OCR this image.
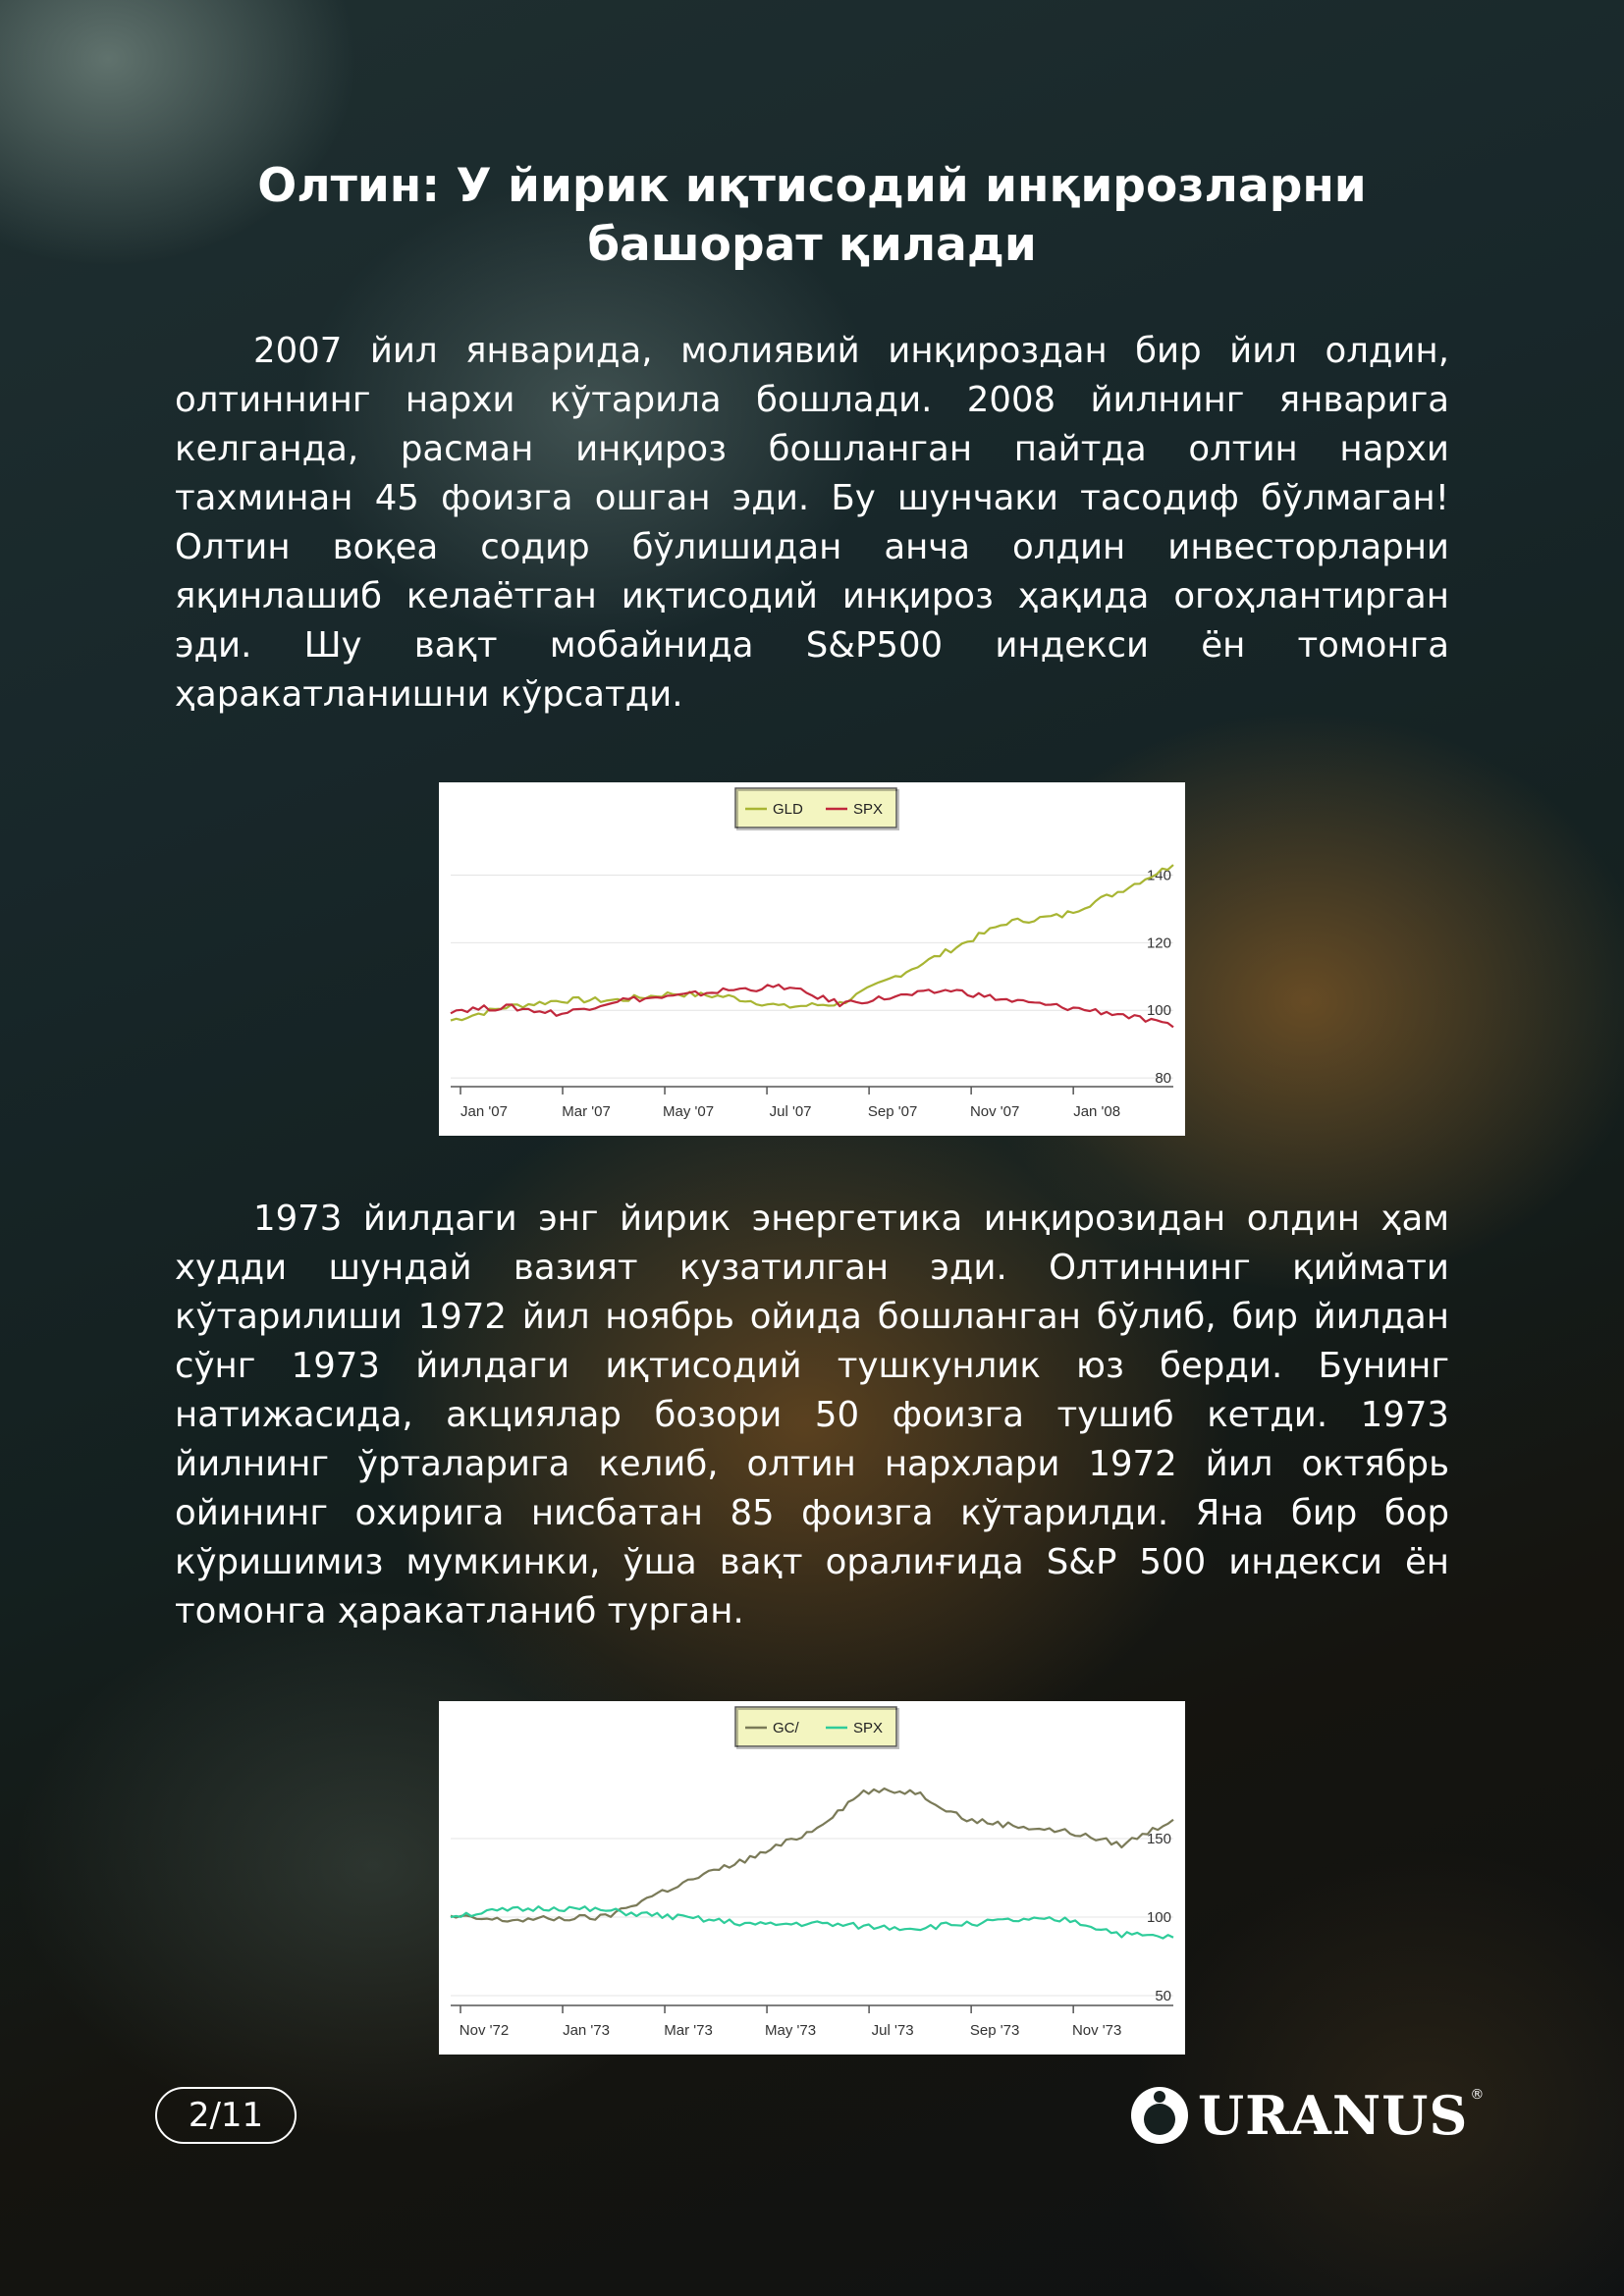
Олтин: У йирик иқтисодий инқирозларни башорат қилади

2007 йил январида, молиявий инқироздан бир йил олдин, олтиннинг нархи кўтарила бошлади. 2008 йилнинг январига келганда, расман инқироз бошланган пайтда олтин нархи тахминан 45 фоизга ошган эди. Бу шунчаки тасодиф бўлмаган! Олтин воқеа содир бўлишидан анча олдин инвесторларни яқинлашиб келаётган иқтисодий инқироз ҳақида огоҳлантирган эди. Шу вақт мобайнида S&P500 индекси ён томонга ҳаракатланишни кўрсатди.

80
100
120
140
Jan '07	Mar '07	May '07	Jul '07	Sep '07	Nov '07	Jan '08
GLD	SPX

1973 йилдаги энг йирик энергетика инқирозидан олдин ҳам худди шундай вазият кузатилган эди. Олтиннинг қиймати кўтарилиши 1972 йил ноябрь ойида бошланган бўлиб, бир йилдан сўнг 1973 йилдаги иқтисодий тушкунлик юз берди. Бунинг натижасида, акциялар бозори 50 фоизга тушиб кетди. 1973 йилнинг ўрталарига келиб, олтин нархлари 1972 йил октябрь ойининг охирига нисбатан 85 фоизга кўтарилди. Яна бир бор кўришимиз мумкинки, ўша вақт оралиғида S&P 500 индекси ён томонга ҳаракатланиб турган.

50
100
150
Nov '72	Jan '73	Mar '73	May '73	Jul '73	Sep '73	Nov '73
GC/	SPX
2/11	URANUS ®
